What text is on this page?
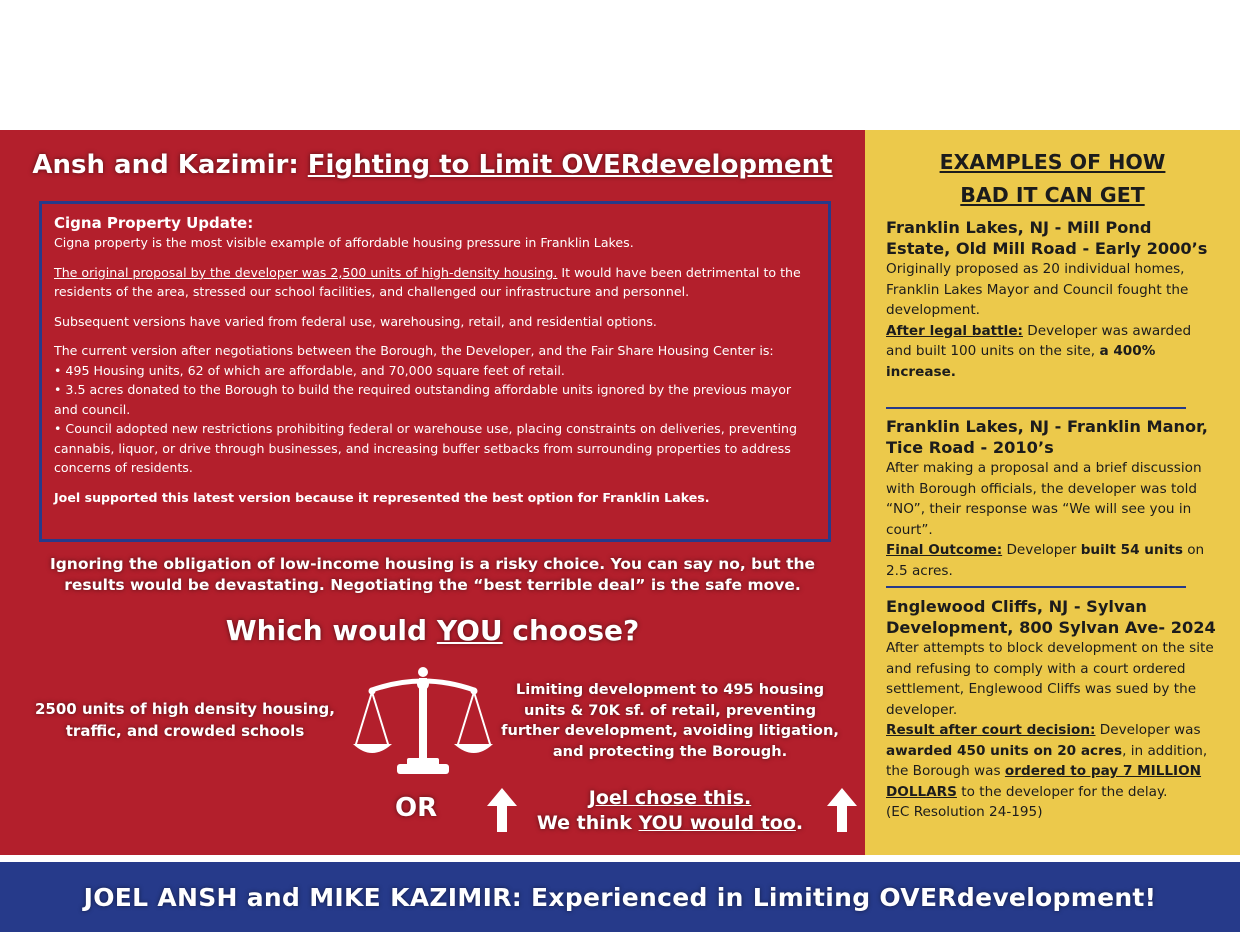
Ansh and Kazimir: Fighting to Limit OVERdevelopment

Cigna Property Update:

Cigna property is the most visible example of affordable housing pressure in Franklin Lakes.

The original proposal by the developer was 2,500 units of high-density housing. It would have been detrimental to the residents of the area, stressed our school facilities, and challenged our infrastructure and personnel.

Subsequent versions have varied from federal use, warehousing, retail, and residential options.

The current version after negotiations between the Borough, the Developer, and the Fair Share Housing Center is:

• 495 Housing units, 62 of which are affordable, and 70,000 square feet of retail.

• 3.5 acres donated to the Borough to build the required outstanding affordable units ignored by the previous mayor and council.

• Council adopted new restrictions prohibiting federal or warehouse use, placing constraints on deliveries, preventing cannabis, liquor, or drive through businesses, and increasing buffer setbacks from surrounding properties to address concerns of residents.

Joel supported this latest version because it represented the best option for Franklin Lakes.

Ignoring the obligation of low-income housing is a risky choice. You can say no, but the results would be devastating. Negotiating the “best terrible deal” is the safe move.
Which would YOU choose?
2500 units of high density housing, traffic, and crowded schools
Limiting development to 495 housing units & 70K sf. of retail, preventing further development, avoiding litigation, and protecting the Borough.
OR	Joel chose this.
We think YOU would too.
EXAMPLES OF HOW
BAD IT CAN GET

Franklin Lakes, NJ - Mill Pond Estate, Old Mill Road - Early 2000’s

Originally proposed as 20 individual homes, Franklin Lakes Mayor and Council fought the development.

After legal battle: Developer was awarded and built 100 units on the site, a 400% increase.

Franklin Lakes, NJ - Franklin Manor, Tice Road - 2010’s

After making a proposal and a brief discussion with Borough officials, the developer was told “NO”, their response was “We will see you in court”.

Final Outcome: Developer built 54 units on 2.5 acres.

Englewood Cliffs, NJ - Sylvan Development, 800 Sylvan Ave- 2024

After attempts to block development on the site and refusing to comply with a court ordered settlement, Englewood Cliffs was sued by the developer.

Result after court decision: Developer was awarded 450 units on 20 acres, in addition, the Borough was ordered to pay 7 MILLION DOLLARS to the developer for the delay.

(EC Resolution 24-195)

JOEL ANSH and MIKE KAZIMIR: Experienced in Limiting OVERdevelopment!
